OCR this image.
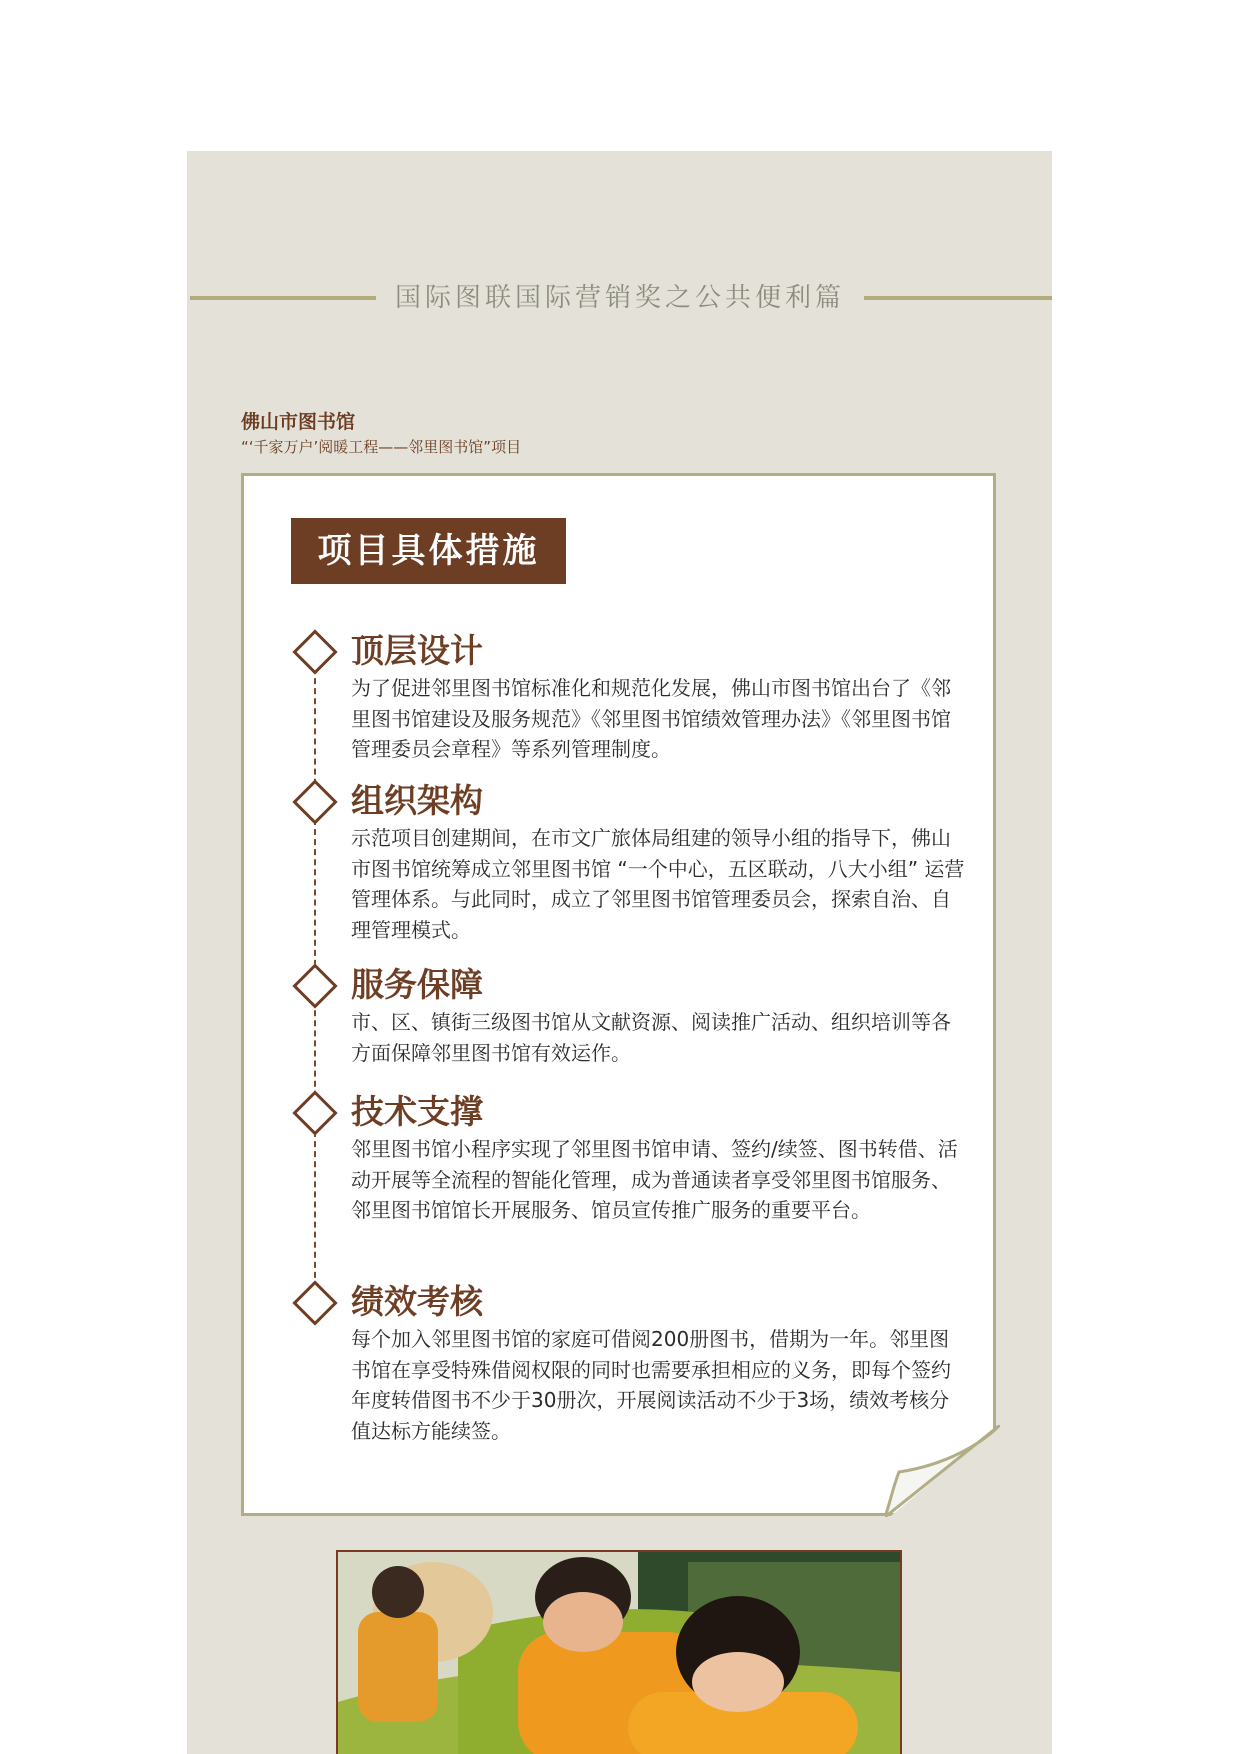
国际图联国际营销奖之公共便利篇
佛山市图书馆
“‘千家万户’阅暖工程——邻里图书馆”项目
项目具体措施
顶层设计
为了促进邻里图书馆标准化和规范化发展，佛山市图书馆出台了《邻里图书馆建设及服务规范》《邻里图书馆绩效管理办法》《邻里图书馆管理委员会章程》等系列管理制度。
组织架构
示范项目创建期间，在市文广旅体局组建的领导小组的指导下，佛山市图书馆统筹成立邻里图书馆 “一个中心，五区联动，八大小组” 运营管理体系。与此同时，成立了邻里图书馆管理委员会，探索自治、自理管理模式。
服务保障
市、区、镇街三级图书馆从文献资源、阅读推广活动、组织培训等各方面保障邻里图书馆有效运作。
技术支撑
邻里图书馆小程序实现了邻里图书馆申请、签约/续签、图书转借、活动开展等全流程的智能化管理，成为普通读者享受邻里图书馆服务、邻里图书馆馆长开展服务、馆员宣传推广服务的重要平台。
绩效考核
每个加入邻里图书馆的家庭可借阅200册图书，借期为一年。邻里图书馆在享受特殊借阅权限的同时也需要承担相应的义务，即每个签约年度转借图书不少于30册次，开展阅读活动不少于3场，绩效考核分值达标方能续签。
